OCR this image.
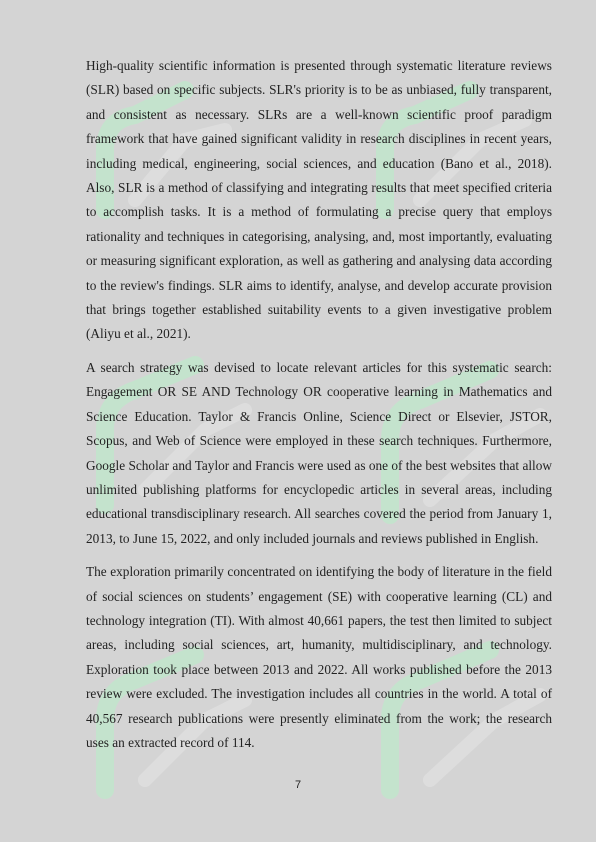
High-quality scientific information is presented through systematic literature reviews (SLR) based on specific subjects. SLR's priority is to be as unbiased, fully transparent, and consistent as necessary. SLRs are a well-known scientific proof paradigm framework that have gained significant validity in research disciplines in recent years, including medical, engineering, social sciences, and education (Bano et al., 2018). Also, SLR is a method of classifying and integrating results that meet specified criteria to accomplish tasks. It is a method of formulating a precise query that employs rationality and techniques in categorising, analysing, and, most importantly, evaluating or measuring significant exploration, as well as gathering and analysing data according to the review's findings. SLR aims to identify, analyse, and develop accurate provision that brings together established suitability events to a given investigative problem (Aliyu et al., 2021).

A search strategy was devised to locate relevant articles for this systematic search: Engagement OR SE AND Technology OR cooperative learning in Mathematics and Science Education. Taylor & Francis Online, Science Direct or Elsevier, JSTOR, Scopus, and Web of Science were employed in these search techniques. Furthermore, Google Scholar and Taylor and Francis were used as one of the best websites that allow unlimited publishing platforms for encyclopedic articles in several areas, including educational transdisciplinary research. All searches covered the period from January 1, 2013, to June 15, 2022, and only included journals and reviews published in English.

The exploration primarily concentrated on identifying the body of literature in the field of social sciences on students’ engagement (SE) with cooperative learning (CL) and technology integration (TI). With almost 40,661 papers, the test then limited to subject areas, including social sciences, art, humanity, multidisciplinary, and technology. Exploration took place between 2013 and 2022. All works published before the 2013 review were excluded. The investigation includes all countries in the world. A total of 40,567 research publications were presently eliminated from the work; the research uses an extracted record of 114.

7
